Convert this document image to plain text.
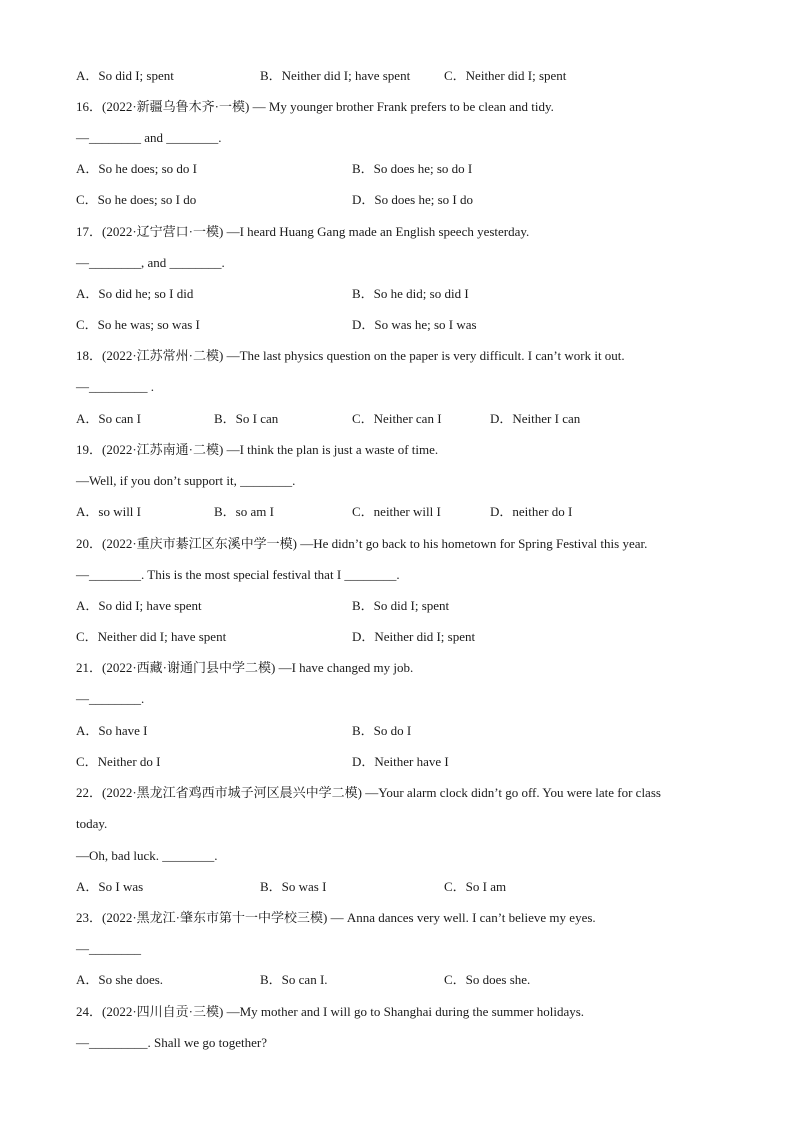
A．So did I; spent	B．Neither did I; have spent	C．Neither did I; spent
16．(2022·新疆乌鲁木齐·一模) — My younger brother Frank prefers to be clean and tidy.
—________ and ________.
A．So he does; so do I	B．So does he; so do I
C．So he does; so I do	D．So does he; so I do
17．(2022·辽宁营口·一模) —I heard Huang Gang made an English speech yesterday.
—________, and ________.
A．So did he; so I did	B．So he did; so did I
C．So he was; so was I	D．So was he; so I was
18．(2022·江苏常州·二模) —The last physics question on the paper is very difficult. I can’t work it out.
—_________ .
A．So can I	B．So I can	C．Neither can I	D．Neither I can
19．(2022·江苏南通·二模) —I think the plan is just a waste of time.
—Well, if you don’t support it, ________.
A．so will I	B．so am I	C．neither will I	D．neither do I
20．(2022·重庆市綦江区东溪中学一模) —He didn’t go back to his hometown for Spring Festival this year.
—________. This is the most special festival that I ________.
A．So did I; have spent	B．So did I; spent
C．Neither did I; have spent	D．Neither did I; spent
21．(2022·西藏·谢通门县中学二模) —I have changed my job.
—________.
A．So have I	B．So do I
C．Neither do I	D．Neither have I
22．(2022·黑龙江省鸡西市城子河区晨兴中学二模) —Your alarm clock didn’t go off. You were late for class
today.
—Oh, bad luck. ________.
A．So I was	B．So was I	C．So I am
23．(2022·黑龙江·肇东市第十一中学校三模) — Anna dances very well. I can’t believe my eyes.
—________
A．So she does.	B．So can I.	C．So does she.
24．(2022·四川自贡·三模) —My mother and I will go to Shanghai during the summer holidays.
—_________. Shall we go together?
